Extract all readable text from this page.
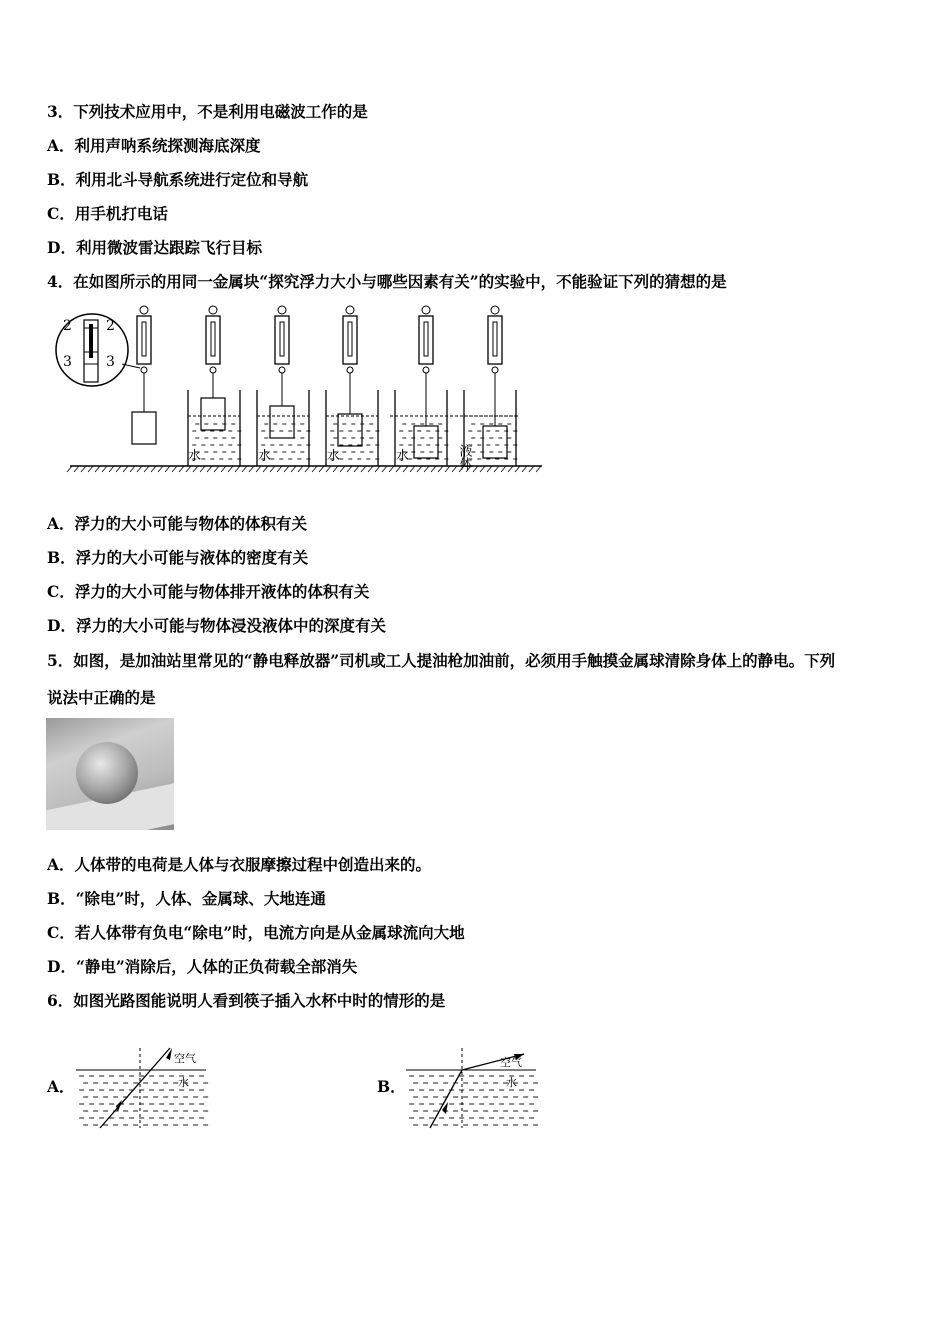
3．下列技术应用中，不是利用电磁波工作的是
A．利用声呐系统探测海底深度
B．利用北斗导航系统进行定位和导航
C．用手机打电话
D．利用微波雷达跟踪飞行目标
4．在如图所示的用同一金属块“探究浮力大小与哪些因素有关”的实验中，不能验证下列的猜想的是
2 2
3 3
水	水	水	水	液体
A．浮力的大小可能与物体的体积有关
B．浮力的大小可能与液体的密度有关
C．浮力的大小可能与物体排开液体的体积有关
D．浮力的大小可能与物体浸没液体中的深度有关
5．如图，是加油站里常见的“静电释放器”司机或工人提油枪加油前，必须用手触摸金属球清除身体上的静电。下列
说法中正确的是
A．人体带的电荷是人体与衣服摩擦过程中创造出来的。
B．“除电”时，人体、金属球、大地连通
C．若人体带有负电“除电”时，电流方向是从金属球流向大地
D．“静电”消除后，人体的正负荷载全部消失
6．如图光路图能说明人看到筷子插入水杯中时的情形的是
A．
空气
水	B．
空气
水
